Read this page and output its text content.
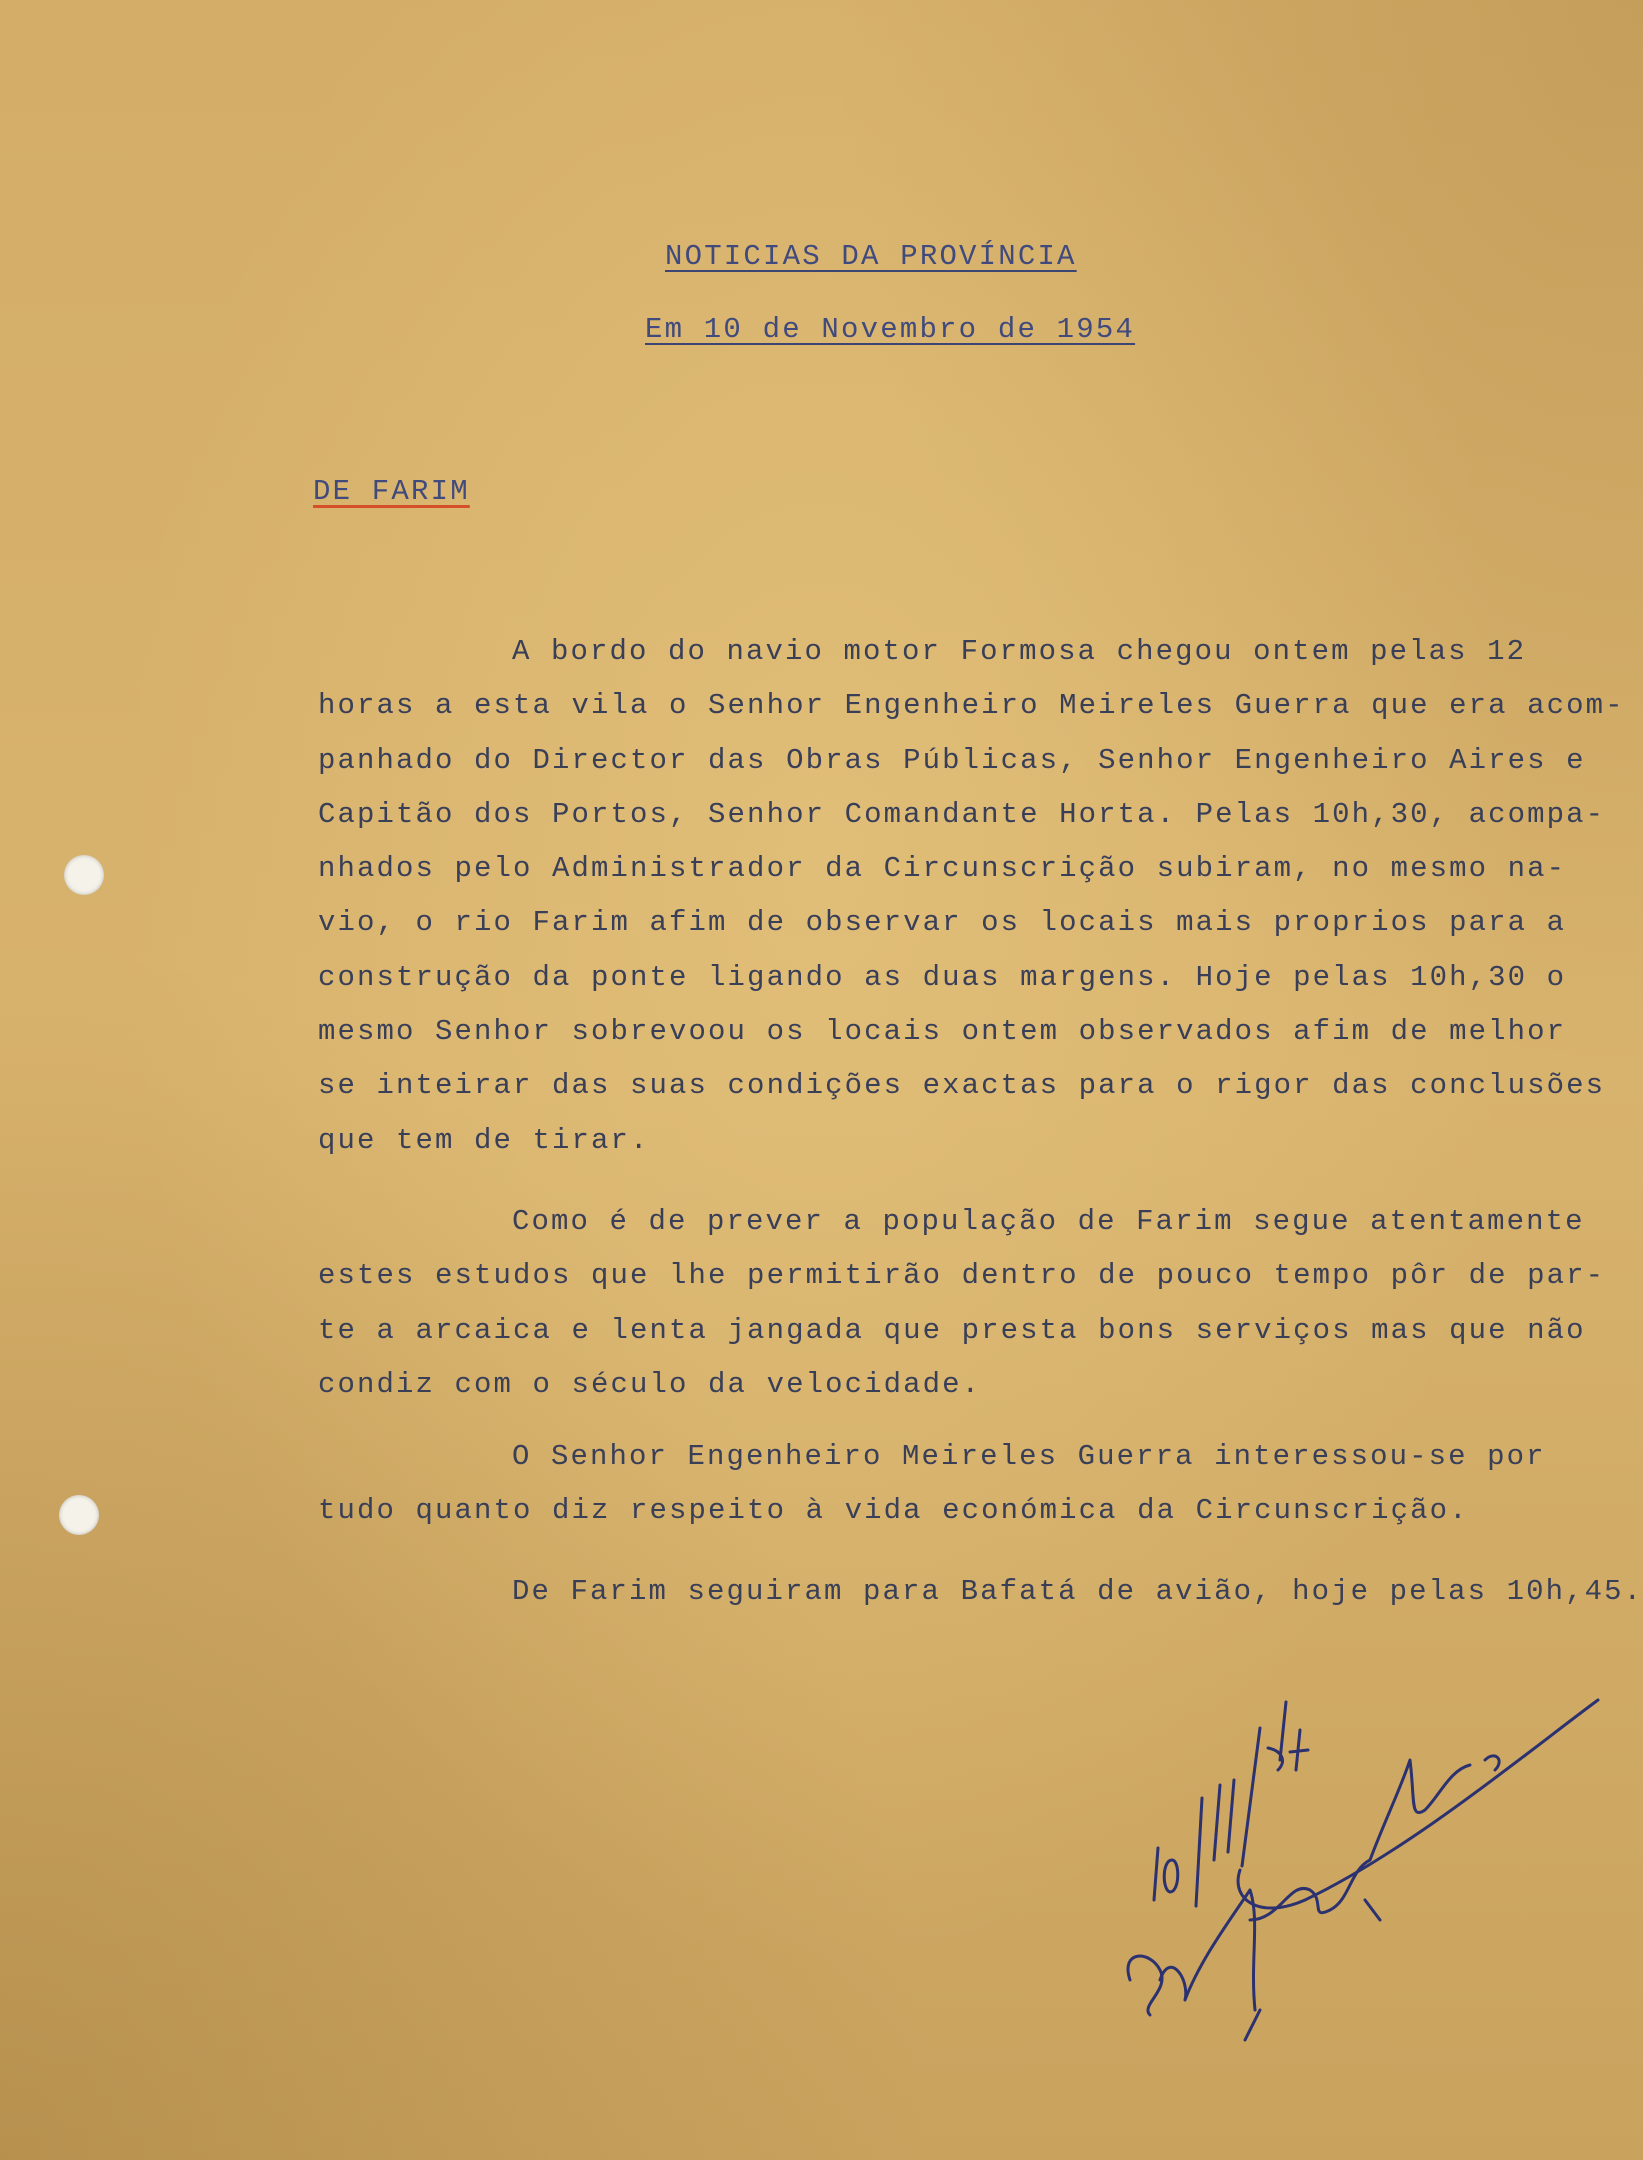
NOTICIAS DA PROVÍNCIA
Em 10 de Novembro de 1954
DE FARIM
A bordo do navio motor Formosa chegou ontem pelas 12
horas a esta vila o Senhor Engenheiro Meireles Guerra que era acom-
panhado do Director das Obras Públicas, Senhor Engenheiro Aires e
Capitão dos Portos, Senhor Comandante Horta. Pelas 10h,30, acompa-
nhados pelo Administrador da Circunscrição subiram, no mesmo na-
vio, o rio Farim afim de observar os locais mais proprios para a
construção da ponte ligando as duas margens. Hoje pelas 10h,30 o
mesmo Senhor sobrevoou os locais ontem observados afim de melhor
se inteirar das suas condições exactas para o rigor das conclusões
que tem de tirar.
Como é de prever a população de Farim segue atentamente
estes estudos que lhe permitirão dentro de pouco tempo pôr de par-
te a arcaica e lenta jangada que presta bons serviços mas que não
condiz com o século da velocidade.
O Senhor Engenheiro Meireles Guerra interessou-se por
tudo quanto diz respeito à vida económica da Circunscrição.
De Farim seguiram para Bafatá de avião, hoje pelas 10h,45.
